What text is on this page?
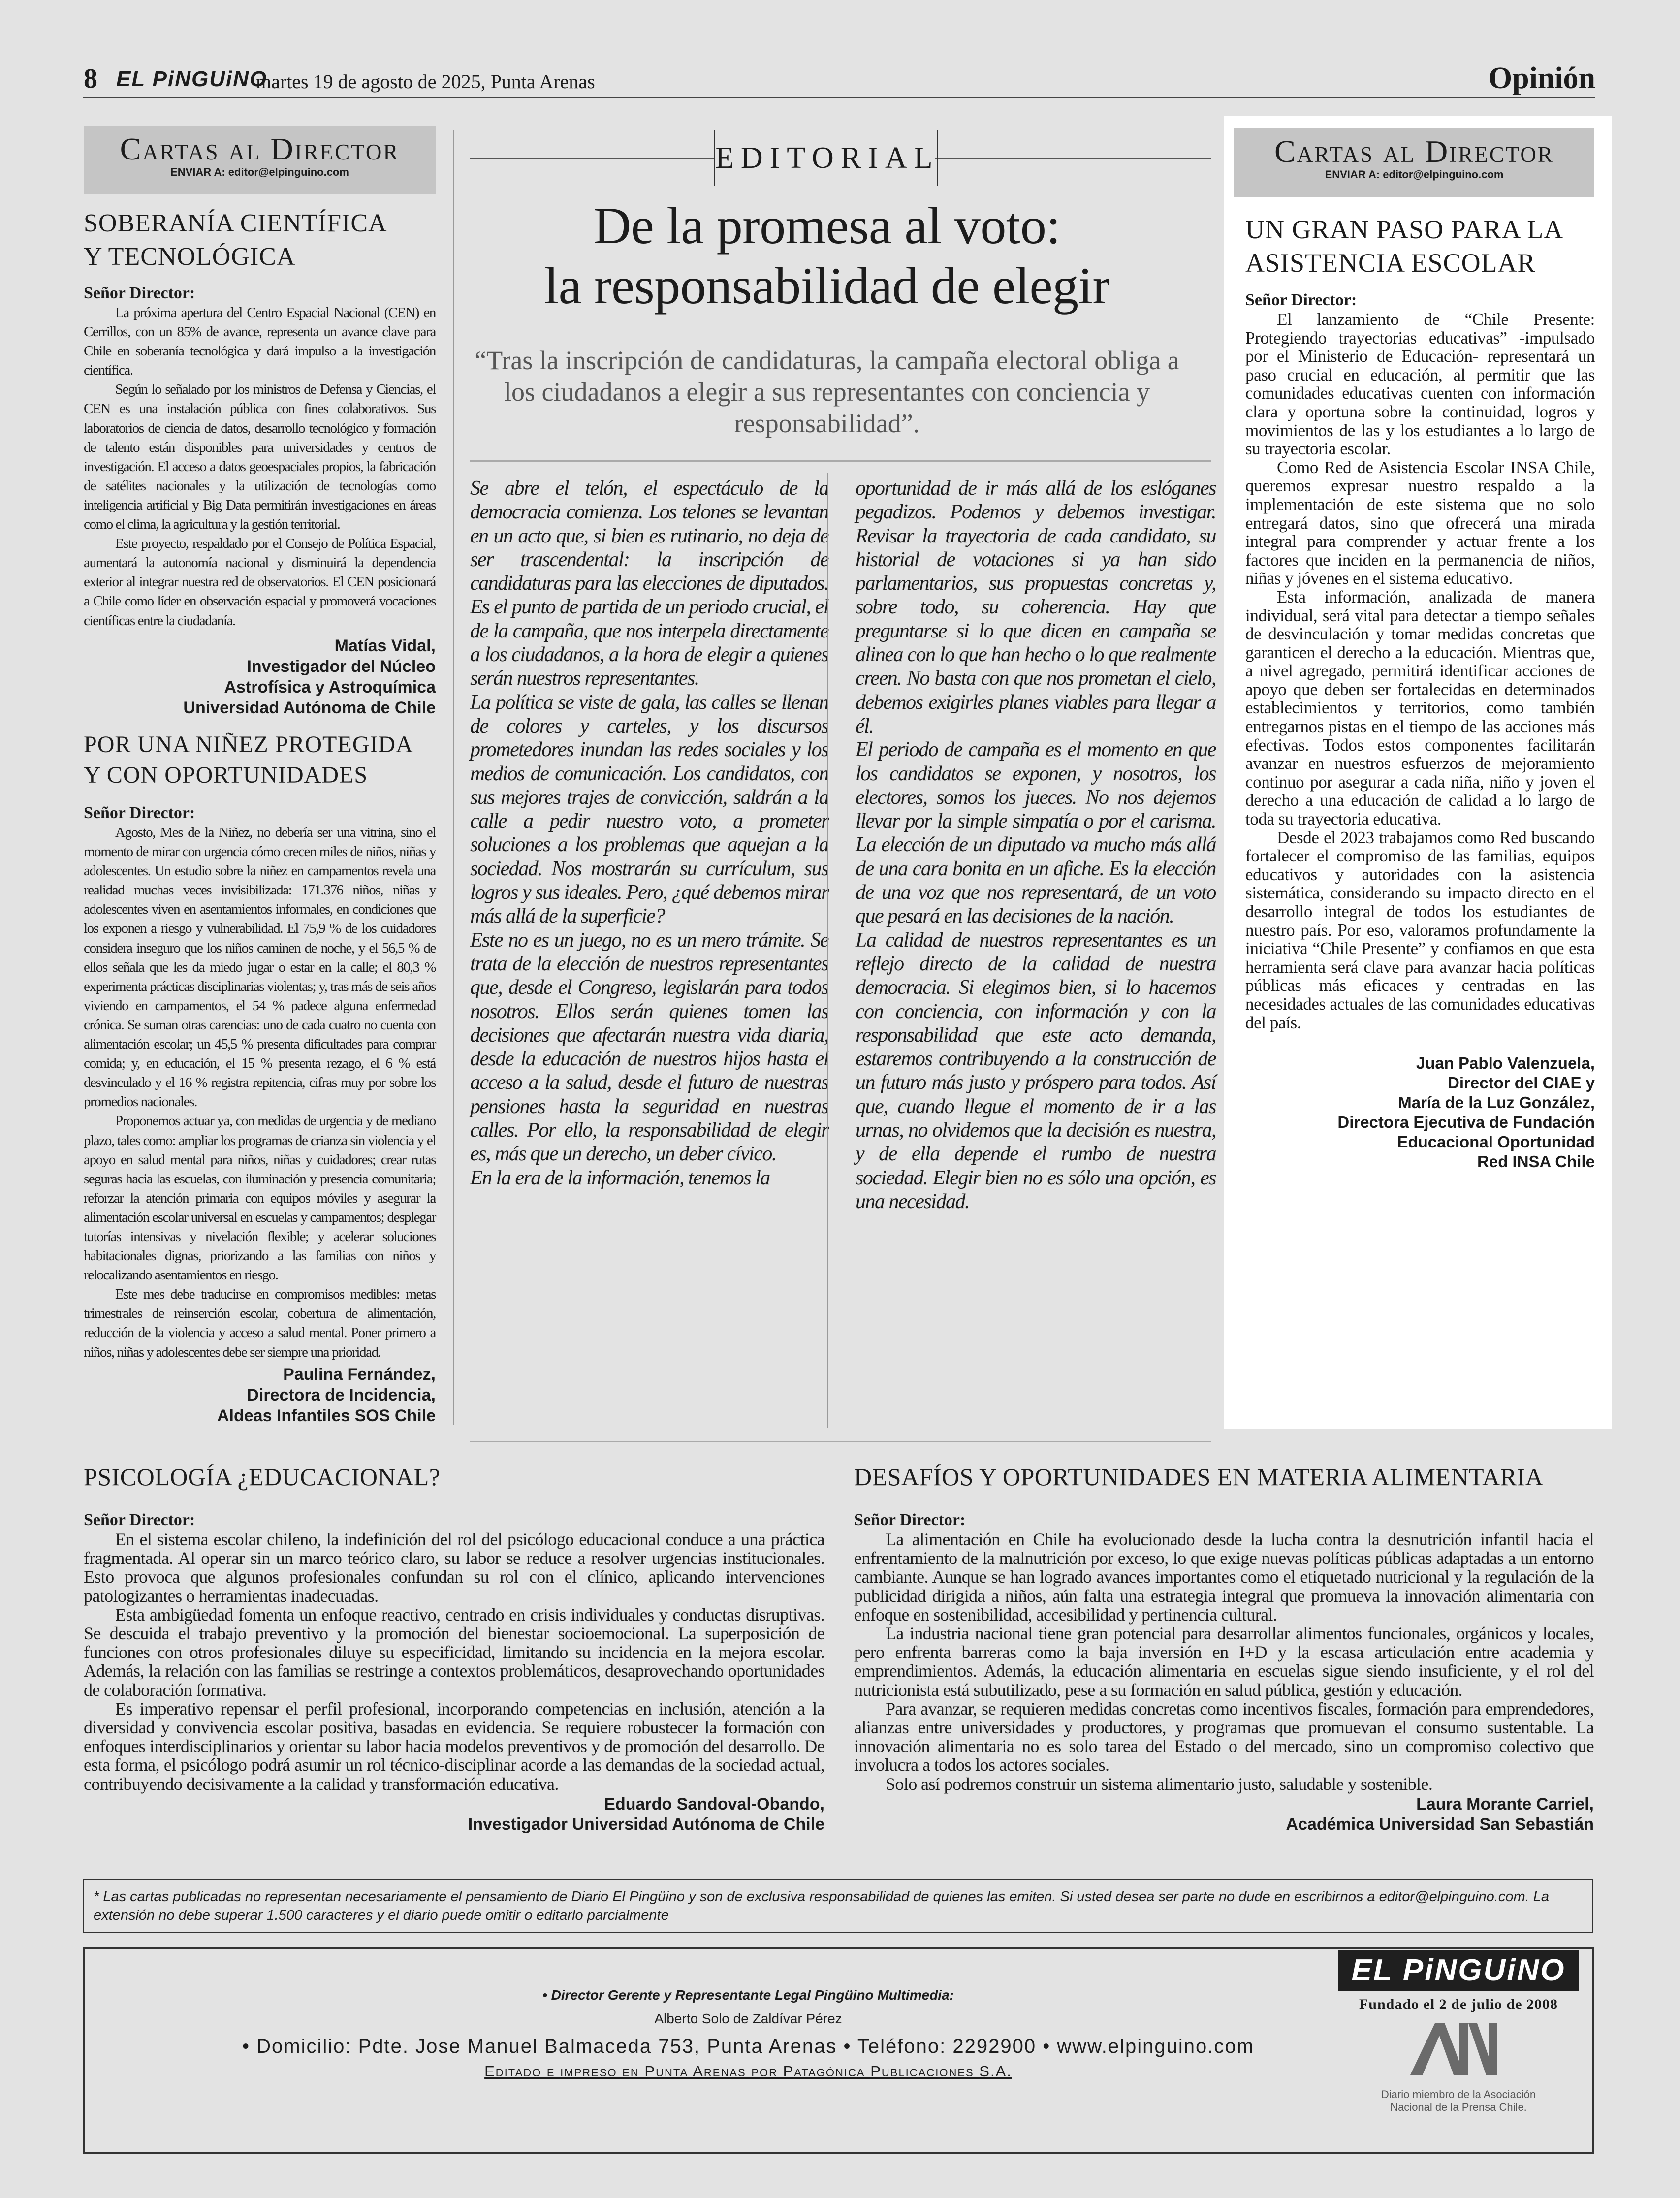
8 EL PiNGUiNO
martes 19 de agosto de 2025, Punta Arenas	Opinión
Cartas al Director
ENVIAR A: editor@elpinguino.com
SOBERANÍA CIENTÍFICA
Y TECNOLÓGICA
Señor Director:

La próxima apertura del Centro Espacial Nacional (CEN) en Cerrillos, con un 85% de avance, representa un avance clave para Chile en soberanía tecnológica y dará impulso a la investigación científica.

Según lo señalado por los ministros de Defensa y Ciencias, el CEN es una instalación pública con fines colaborativos. Sus laboratorios de ciencia de datos, desarrollo tecnológico y formación de talento están disponibles para universidades y centros de investigación. El acceso a datos geoespaciales propios, la fabricación de satélites nacionales y la utilización de tecnologías como inteligencia artificial y Big Data permitirán investigaciones en áreas como el clima, la agricultura y la gestión territorial.

Este proyecto, respaldado por el Consejo de Política Espacial, aumentará la autonomía nacional y disminuirá la dependencia exterior al integrar nuestra red de observatorios. El CEN posicionará a Chile como líder en observación espacial y promoverá vocaciones científicas entre la ciudadanía.

Matías Vidal,
Investigador del Núcleo
Astrofísica y Astroquímica
Universidad Autónoma de Chile
POR UNA NIÑEZ PROTEGIDA
Y CON OPORTUNIDADES
Señor Director:

Agosto, Mes de la Niñez, no debería ser una vitrina, sino el momento de mirar con urgencia cómo crecen miles de niños, niñas y adolescentes. Un estudio sobre la niñez en campamentos revela una realidad muchas veces invisibilizada: 171.376 niños, niñas y adolescentes viven en asentamientos informales, en condiciones que los exponen a riesgo y vulnerabilidad. El 75,9 % de los cuidadores considera inseguro que los niños caminen de noche, y el 56,5 % de ellos señala que les da miedo jugar o estar en la calle; el 80,3 % experimenta prácticas disciplinarias violentas; y, tras más de seis años viviendo en campamentos, el 54 % padece alguna enfermedad crónica. Se suman otras carencias: uno de cada cuatro no cuenta con alimentación escolar; un 45,5 % presenta dificultades para comprar comida; y, en educación, el 15 % presenta rezago, el 6 % está desvinculado y el 16 % registra repitencia, cifras muy por sobre los promedios nacionales.

Proponemos actuar ya, con medidas de urgencia y de mediano plazo, tales como: ampliar los programas de crianza sin violencia y el apoyo en salud mental para niños, niñas y cuidadores; crear rutas seguras hacia las escuelas, con iluminación y presencia comunitaria; reforzar la atención primaria con equipos móviles y asegurar la alimentación escolar universal en escuelas y campamentos; desplegar tutorías intensivas y nivelación flexible; y acelerar soluciones habitacionales dignas, priorizando a las familias con niños y relocalizando asentamientos en riesgo.

Este mes debe traducirse en compromisos medibles: metas trimestrales de reinserción escolar, cobertura de alimentación, reducción de la violencia y acceso a salud mental. Poner primero a niños, niñas y adolescentes debe ser siempre una prioridad.

Paulina Fernández,
Directora de Incidencia,
Aldeas Infantiles SOS Chile
EDITORIAL
De la promesa al voto:
la responsabilidad de elegir
“Tras la inscripción de candidaturas, la campaña electoral obliga a los ciudadanos a elegir a sus representantes con conciencia y responsabilidad”.

Se abre el telón, el espectáculo de la democracia comienza. Los telones se levantan en un acto que, si bien es rutinario, no deja de ser trascendental: la inscripción de candidaturas para las elecciones de diputados. Es el punto de partida de un periodo crucial, el de la campaña, que nos interpela directamente a los ciudadanos, a la hora de elegir a quienes serán nuestros representantes.

La política se viste de gala, las calles se llenan de colores y carteles, y los discursos prometedores inundan las redes sociales y los medios de comunicación. Los candidatos, con sus mejores trajes de convicción, saldrán a la calle a pedir nuestro voto, a prometer soluciones a los problemas que aquejan a la sociedad. Nos mostrarán su currículum, sus logros y sus ideales. Pero, ¿qué debemos mirar más allá de la superficie?

Este no es un juego, no es un mero trámite. Se trata de la elección de nuestros representantes que, desde el Congreso, legislarán para todos nosotros. Ellos serán quienes tomen las decisiones que afectarán nuestra vida diaria, desde la educación de nuestros hijos hasta el acceso a la salud, desde el futuro de nuestras pensiones hasta la seguridad en nuestras calles. Por ello, la responsabilidad de elegir es, más que un derecho, un deber cívico.

En la era de la información, tenemos la

oportunidad de ir más allá de los eslóganes pegadizos. Podemos y debemos investigar. Revisar la trayectoria de cada candidato, su historial de votaciones si ya han sido parlamentarios, sus propuestas concretas y, sobre todo, su coherencia. Hay que preguntarse si lo que dicen en campaña se alinea con lo que han hecho o lo que realmente creen. No basta con que nos prometan el cielo, debemos exigirles planes viables para llegar a él.

El periodo de campaña es el momento en que los candidatos se exponen, y nosotros, los electores, somos los jueces. No nos dejemos llevar por la simple simpatía o por el carisma. La elección de un diputado va mucho más allá de una cara bonita en un afiche. Es la elección de una voz que nos representará, de un voto que pesará en las decisiones de la nación.

La calidad de nuestros representantes es un reflejo directo de la calidad de nuestra democracia. Si elegimos bien, si lo hacemos con conciencia, con información y con la responsabilidad que este acto demanda, estaremos contribuyendo a la construcción de un futuro más justo y próspero para todos. Así que, cuando llegue el momento de ir a las urnas, no olvidemos que la decisión es nuestra, y de ella depende el rumbo de nuestra sociedad. Elegir bien no es sólo una opción, es una necesidad.

Cartas al Director
ENVIAR A: editor@elpinguino.com
UN GRAN PASO PARA LA
ASISTENCIA ESCOLAR
Señor Director:

El lanzamiento de “Chile Presente: Protegiendo trayectorias educativas” -impulsado por el Ministerio de Educación- representará un paso crucial en educación, al permitir que las comunidades educativas cuenten con información clara y oportuna sobre la continuidad, logros y movimientos de las y los estudiantes a lo largo de su trayectoria escolar.

Como Red de Asistencia Escolar INSA Chile, queremos expresar nuestro respaldo a la implementación de este sistema que no solo entregará datos, sino que ofrecerá una mirada integral para comprender y actuar frente a los factores que inciden en la permanencia de niños, niñas y jóvenes en el sistema educativo.

Esta información, analizada de manera individual, será vital para detectar a tiempo señales de desvinculación y tomar medidas concretas que garanticen el derecho a la educación. Mientras que, a nivel agregado, permitirá identificar acciones de apoyo que deben ser fortalecidas en determinados establecimientos y territorios, como también entregarnos pistas en el tiempo de las acciones más efectivas. Todos estos componentes facilitarán avanzar en nuestros esfuerzos de mejoramiento continuo por asegurar a cada niña, niño y joven el derecho a una educación de calidad a lo largo de toda su trayectoria educativa.

Desde el 2023 trabajamos como Red buscando fortalecer el compromiso de las familias, equipos educativos y autoridades con la asistencia sistemática, considerando su impacto directo en el desarrollo integral de todos los estudiantes de nuestro país. Por eso, valoramos profundamente la iniciativa “Chile Presente” y confiamos en que esta herramienta será clave para avanzar hacia políticas públicas más eficaces y centradas en las necesidades actuales de las comunidades educativas del país.

Juan Pablo Valenzuela,
Director del CIAE y
María de la Luz González,
Directora Ejecutiva de Fundación
Educacional Oportunidad
Red INSA Chile
PSICOLOGÍA ¿EDUCACIONAL?
Señor Director:

En el sistema escolar chileno, la indefinición del rol del psicólogo educacional conduce a una práctica fragmentada. Al operar sin un marco teórico claro, su labor se reduce a resolver urgencias institucionales. Esto provoca que algunos profesionales confundan su rol con el clínico, aplicando intervenciones patologizantes o herramientas inadecuadas.

Esta ambigüedad fomenta un enfoque reactivo, centrado en crisis individuales y conductas disruptivas. Se descuida el trabajo preventivo y la promoción del bienestar socioemocional. La superposición de funciones con otros profesionales diluye su especificidad, limitando su incidencia en la mejora escolar. Además, la relación con las familias se restringe a contextos problemáticos, desaprovechando oportunidades de colaboración formativa.

Es imperativo repensar el perfil profesional, incorporando competencias en inclusión, atención a la diversidad y convivencia escolar positiva, basadas en evidencia. Se requiere robustecer la formación con enfoques interdisciplinarios y orientar su labor hacia modelos preventivos y de promoción del desarrollo. De esta forma, el psicólogo podrá asumir un rol técnico-disciplinar acorde a las demandas de la sociedad actual, contribuyendo decisivamente a la calidad y transformación educativa.

Eduardo Sandoval-Obando,
Investigador Universidad Autónoma de Chile
DESAFÍOS Y OPORTUNIDADES EN MATERIA ALIMENTARIA
Señor Director:

La alimentación en Chile ha evolucionado desde la lucha contra la desnutrición infantil hacia el enfrentamiento de la malnutrición por exceso, lo que exige nuevas políticas públicas adaptadas a un entorno cambiante. Aunque se han logrado avances importantes como el etiquetado nutricional y la regulación de la publicidad dirigida a niños, aún falta una estrategia integral que promueva la innovación alimentaria con enfoque en sostenibilidad, accesibilidad y pertinencia cultural.

La industria nacional tiene gran potencial para desarrollar alimentos funcionales, orgánicos y locales, pero enfrenta barreras como la baja inversión en I+D y la escasa articulación entre academia y emprendimientos. Además, la educación alimentaria en escuelas sigue siendo insuficiente, y el rol del nutricionista está subutilizado, pese a su formación en salud pública, gestión y educación.

Para avanzar, se requieren medidas concretas como incentivos fiscales, formación para emprendedores, alianzas entre universidades y productores, y programas que promuevan el consumo sustentable. La innovación alimentaria no es solo tarea del Estado o del mercado, sino un compromiso colectivo que involucra a todos los actores sociales.

Solo así podremos construir un sistema alimentario justo, saludable y sostenible.

Laura Morante Carriel,
Académica Universidad San Sebastián
* Las cartas publicadas no representan necesariamente el pensamiento de Diario El Pingüino y son de exclusiva responsabilidad de quienes las emiten. Si usted desea ser parte no dude en escribirnos a editor@elpinguino.com. La extensión no debe superar 1.500 caracteres y el diario puede omitir o editarlo parcialmente
• Director Gerente y Representante Legal Pingüino Multimedia:
Alberto Solo de Zaldívar Pérez
• Domicilio: Pdte. Jose Manuel Balmaceda 753, Punta Arenas • Teléfono: 2292900 • www.elpinguino.com
Editado e impreso en Punta Arenas por Patagónica Publicaciones S.A.
EL PiNGUiNO
Fundado el 2 de julio de 2008
Diario miembro de la Asociación
Nacional de la Prensa Chile.
